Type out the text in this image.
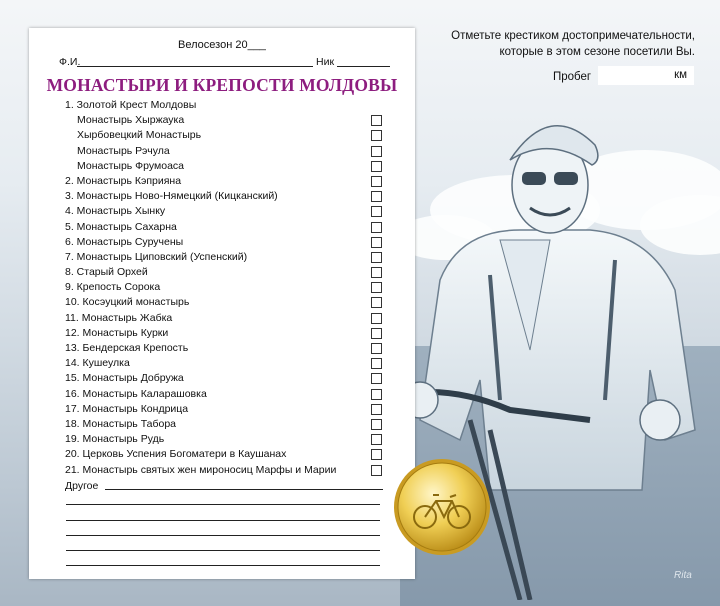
Велосезон 20___
Ф.И.	Ник
МОНАСТЫРИ И КРЕПОСТИ МОЛДОВЫ
1. Золотой Крест Молдовы
Монастырь Хыржаука
Хырбовецкий Монастырь
Монастырь Рэчула
Монастырь Фрумоаса
2. Монастырь Кэприяна
3. Монастырь Ново-Нямецкий (Кицканский)
4. Монастырь Хынку
5. Монастырь Сахарна
6. Монастырь Суручены
7. Монастырь Циповский (Успенский)
8. Старый Орхей
9. Крепость Сорока
10. Косэуцкий монастырь
11. Монастырь Жабка
12. Монастырь Курки
13. Бендерская Крепость
14. Кушеулка
15. Монастырь Добружа
16. Монастырь Каларашовка
17. Монастырь Кондрица
18. Монастырь Табора
19. Монастырь Рудь
20. Церковь Успения Богоматери в Каушанах
21. Монастырь святых жен мироносиц Марфы и Марии
Другое
Отметьте крестиком достопримечательности, которые в этом сезоне посетили Вы.
Пробег	км
Rita
